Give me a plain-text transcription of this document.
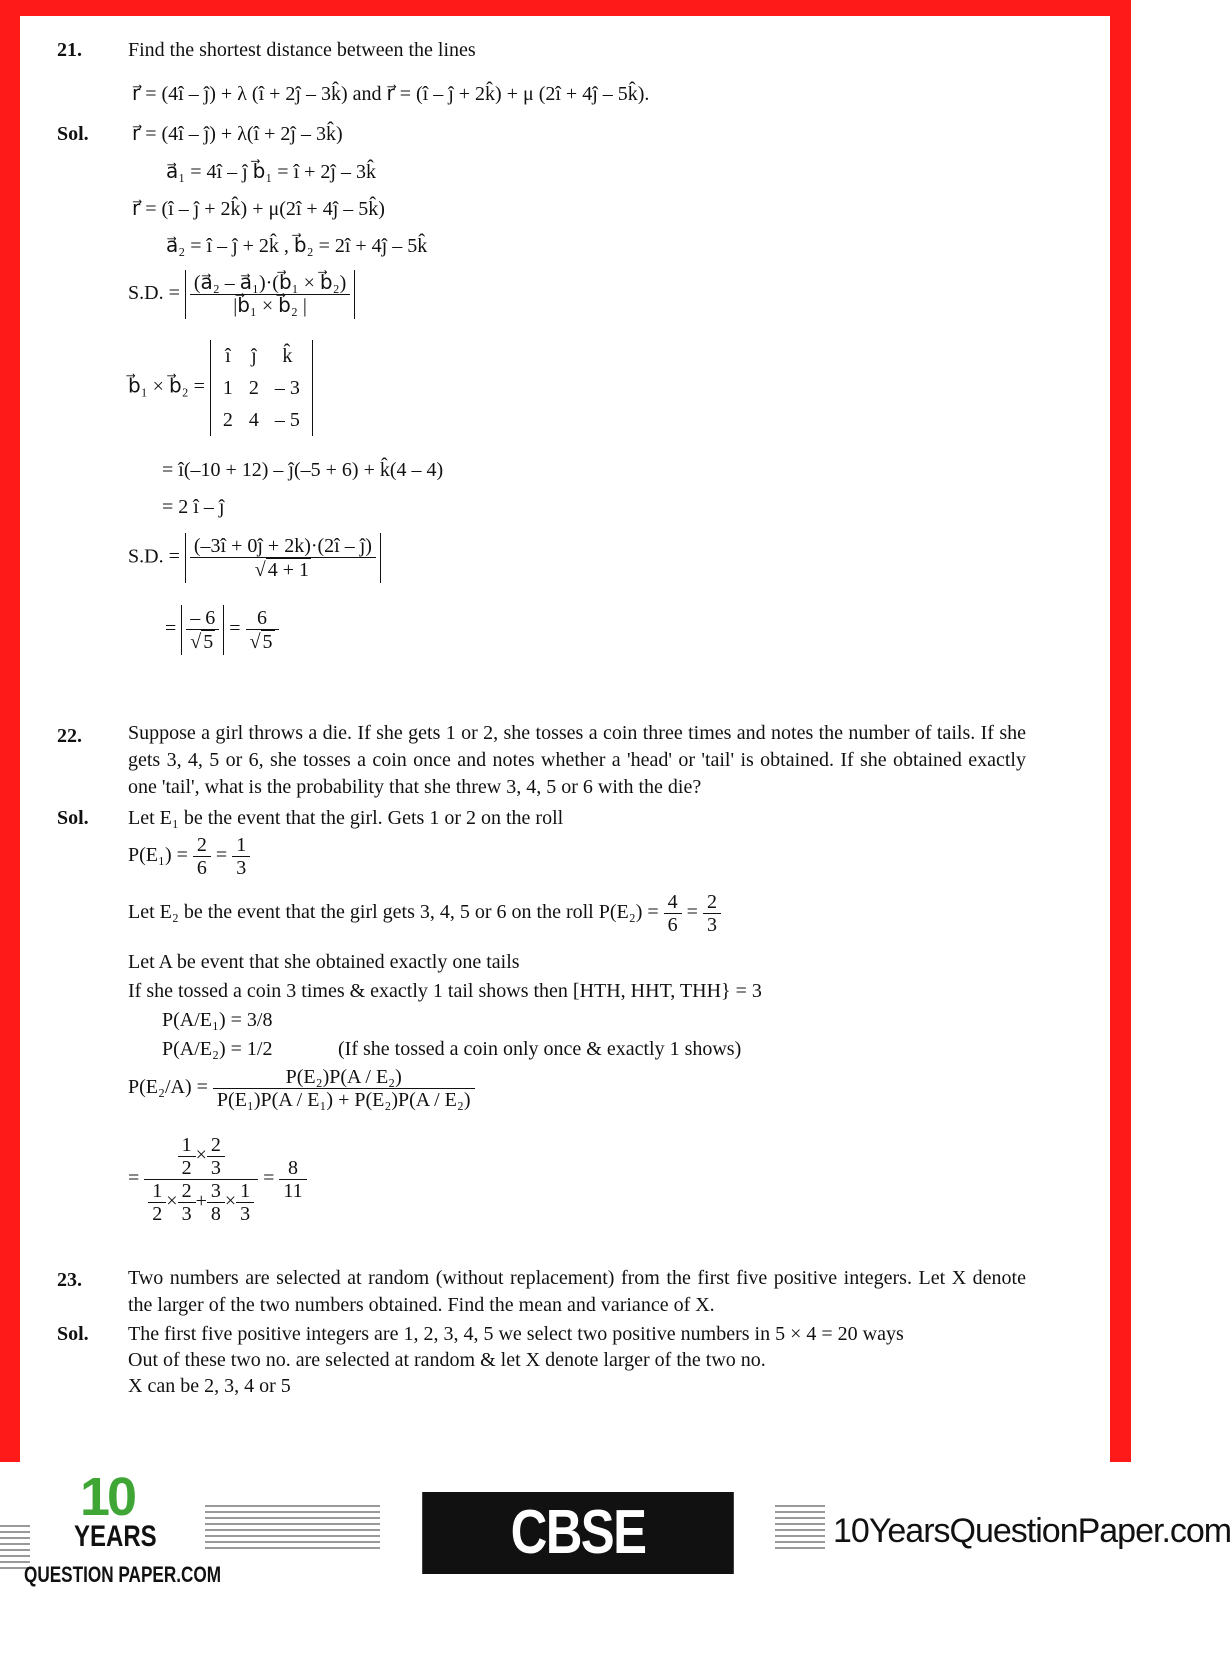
21. Find the shortest distance between the lines
r⃗ = (4î – ĵ) + λ (î + 2ĵ – 3k̂) and r⃗ = (î – ĵ + 2k̂) + μ (2î + 4ĵ – 5k̂).
Sol. r⃗ = (4î – ĵ) + λ(î + 2ĵ – 3k̂)
a⃗₁ = 4î – ĵ b⃗₁ = î + 2ĵ – 3k̂
r⃗ = (î – ĵ + 2k̂) + μ(2î + 4ĵ – 5k̂)
a⃗₂ = î – ĵ + 2k̂ , b⃗₂ = 2î + 4ĵ – 5k̂
S.D. = $\frac{\text{(a⃗₂ – a⃗₁)·(b⃗₁ × b⃗₂)}}{\text{|b⃗₁ × b⃗₂ |}}$
b⃗₁ × b⃗₂ =
î	ĵ	k̂
1	2	– 3
2	4	– 5
= î(–10 + 12) – ĵ(–5 + 6) + k̂(4 – 4)
= 2 î – ĵ
S.D. = $\frac{(-3î + 0ĵ + 2k)\cdot(2î - ĵ)}{√ 4 + 1}$
= $\frac{- 6}{√ 5} = \frac{6}{√ 5}$
22. Suppose a girl throws a die. If she gets 1 or 2, she tosses a coin three times and notes the number of tails. If she gets 3, 4, 5 or 6, she tosses a coin once and notes whether a 'head' or 'tail' is obtained. If she obtained exactly one 'tail', what is the probability that she threw 3, 4, 5 or 6 with the die?
Sol. Let E₁ be the event that the girl. Gets 1 or 2 on the roll
$P(E_1) = \frac{2}{6} = \frac{1}{3}$
Let E₂ be the event that the girl gets 3, 4, 5 or 6 on the roll $P(E_2) = \frac{4}{6} = \frac{2}{3}$
Let A be event that she obtained exactly one tails
If she tossed a coin 3 times & exactly 1 tail shows then [HTH, HHT, THH} = 3
P(A/E₁) = 3/8
P(A/E₂) = 1/2	(If she tossed a coin only once & exactly 1 shows)
$P(E_2/A) = \frac{\text{P(E₂)P(A / E₂)}}{\text{P(E₁)P(A / E₁) + P(E₂)P(A / E₂)}}$
= $\frac{\frac{1}{2} \times \frac{2}{3}}{\frac{1}{2} \times \frac{2}{3} + \frac{3}{8} \times \frac{1}{3}} = \frac{8}{11}$
23. Two numbers are selected at random (without replacement) from the first five positive integers. Let X denote the larger of the two numbers obtained. Find the mean and variance of X.
Sol. The first five positive integers are 1, 2, 3, 4, 5 we select two positive numbers in 5 × 4 = 20 ways
Out of these two no. are selected at random & let X denote larger of the two no.
X can be 2, 3, 4 or 5
10
YEARS
QUESTION PAPER.COM
CBSE BOARD XII
10YearsQuestionPaper.com
